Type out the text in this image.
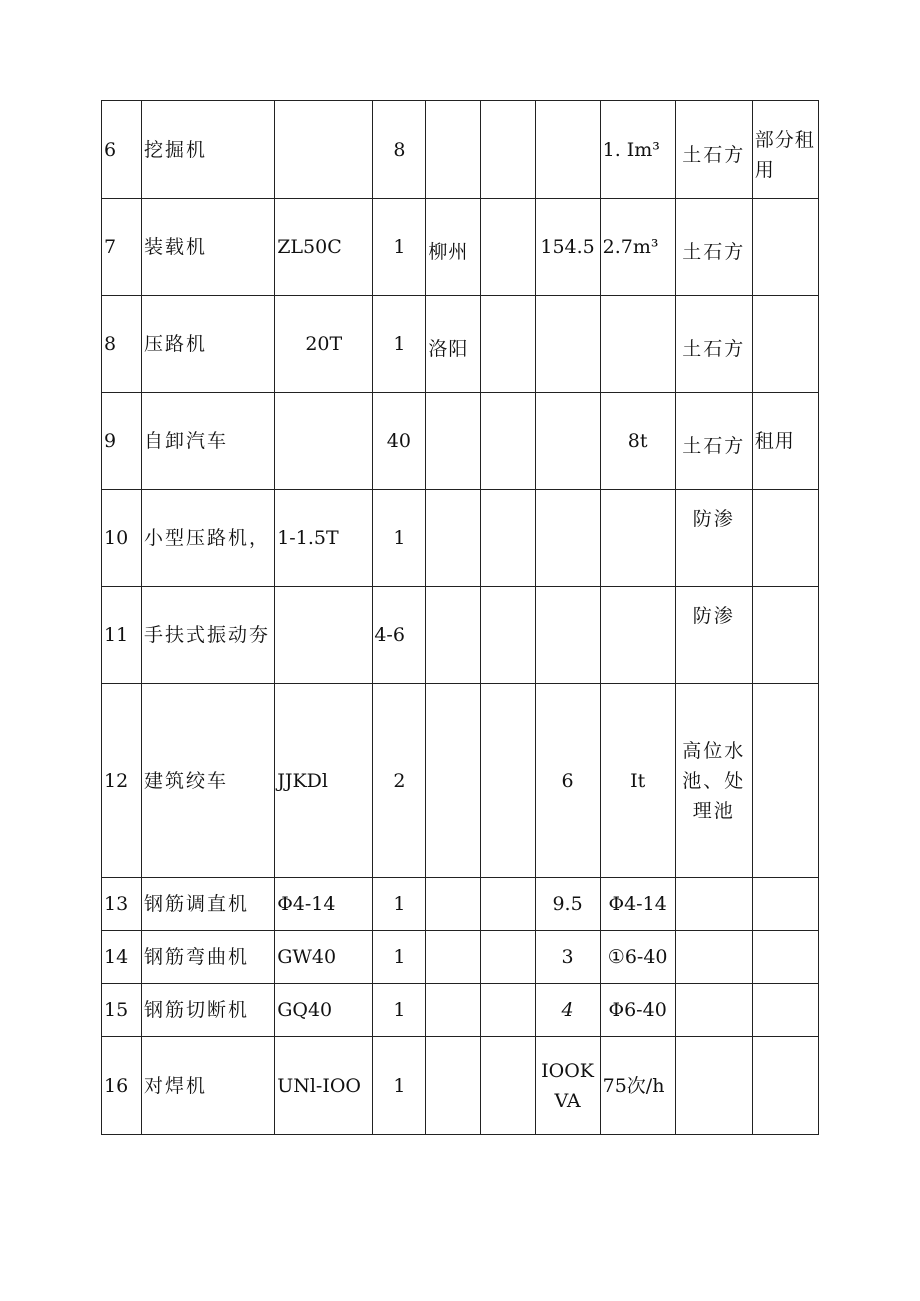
6	挖掘机		8				1. Im³	土石方	部分租用
7	装载机	ZL50C	1	柳州		154.5	2.7m³	土石方	
8	压路机	20T	1	洛阳				土石方	
9	自卸汽车		40				8t	土石方	租用
10	小型压路机，	1-1.5T	1					防渗	
11	手扶式振动夯		4-6					防渗	
12	建筑绞车	JJKDl	2			6	It	高位水池、处理池	
13	钢筋调直机	Φ4-14	1			9.5	Φ4-14		
14	钢筋弯曲机	GW40	1			3	①6-40		
15	钢筋切断机	GQ40	1			4	Φ6-40		
16	对焊机	UNl-IOO	1			IOOKVA	75次/h		
